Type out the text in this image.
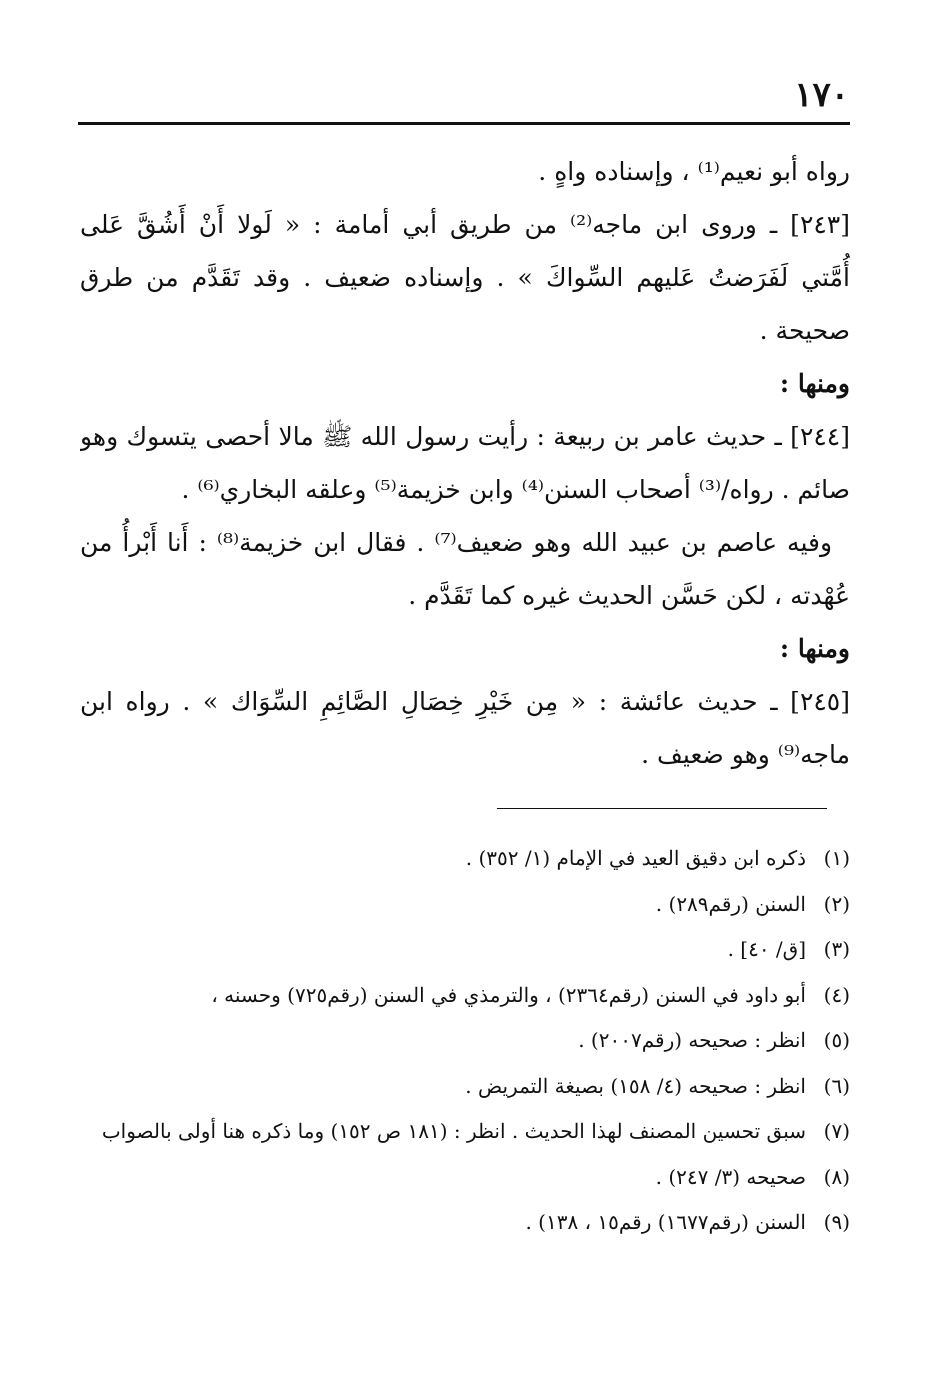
١٧٠
رواه أبو نعيم⁽¹⁾ ، وإسناده واهٍ .
[٢٤٣] ـ وروى ابن ماجه⁽²⁾ من طريق أبي أمامة : « لَولا أَنْ أَشُقَّ عَلى
أُمَّتي لَفَرَضتُ عَليهم السِّواكَ » . وإسناده ضعيف . وقد تَقَدَّم من طرق
صحيحة .
ومنها :
[٢٤٤] ـ حديث عامر بن ربيعة : رأيت رسول الله ﷺ مالا أحصى يتسوك وهو
صائم . رواه/⁽³⁾ أصحاب السنن⁽⁴⁾ وابن خزيمة⁽⁵⁾ وعلقه البخاري⁽⁶⁾ .
وفيه عاصم بن عبيد الله وهو ضعيف⁽⁷⁾ . فقال ابن خزيمة⁽⁸⁾ : أَنا أَبْرأُ من
عُهْدته ، لكن حَسَّن الحديث غيره كما تَقَدَّم .
ومنها :
[٢٤٥] ـ حديث عائشة : « مِن خَيْرِ خِصَالِ الصَّائِمِ السِّوَاك » . رواه ابن
ماجه⁽⁹⁾ وهو ضعيف .
(١)ذكره ابن دقيق العيد في الإمام (١/ ٣٥٢) .
(٢)السنن (رقم٢٨٩) .
(٣)[ق/ ٤٠] .
(٤)أبو داود في السنن (رقم٢٣٦٤) ، والترمذي في السنن (رقم٧٢٥) وحسنه ،
(٥)انظر : صحيحه (رقم٢٠٠٧) .
(٦)انظر : صحيحه (٤/ ١٥٨) بصيغة التمريض .
(٧)سبق تحسين المصنف لهذا الحديث . انظر : (١٨١ ص ١٥٢) وما ذكره هنا أولى بالصواب
(٨)صحيحه (٣/ ٢٤٧) .
(٩)السنن (رقم١٦٧٧) رقم١٥ ، ١٣٨) .
